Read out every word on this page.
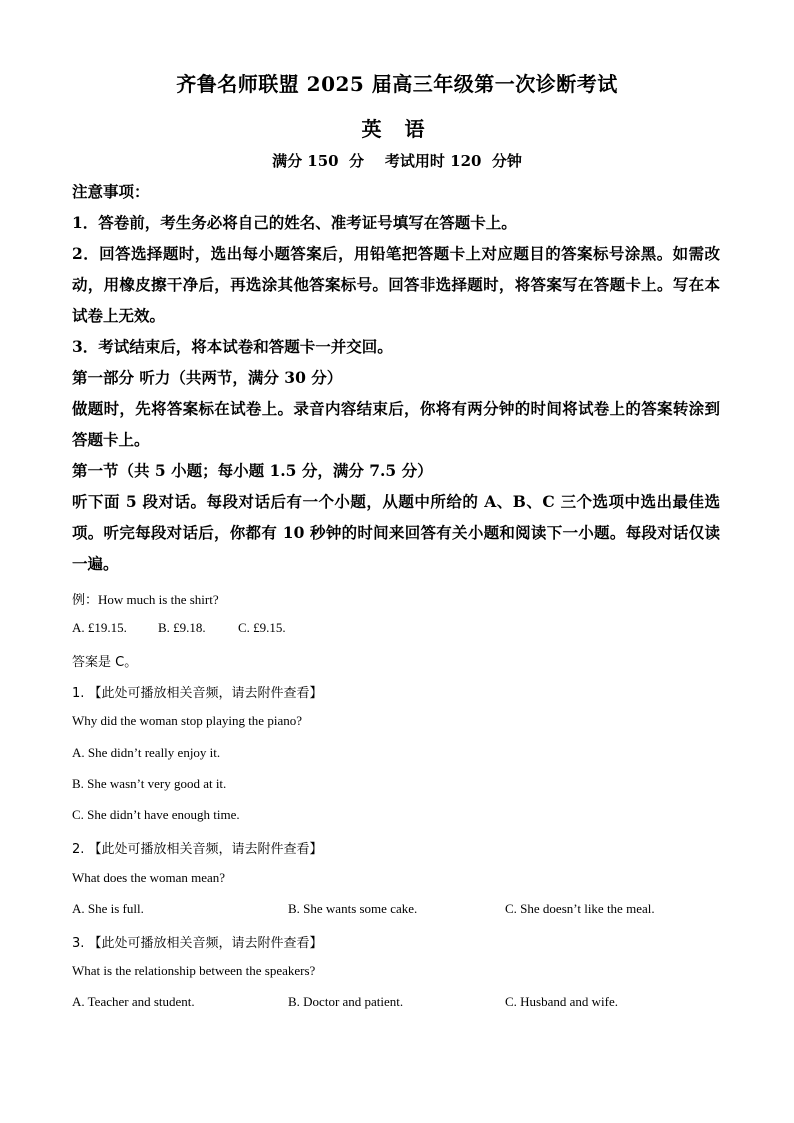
齐鲁名师联盟 2025 届高三年级第一次诊断考试
英 语
满分 150  分    考试用时 120  分钟
注意事项：
1．答卷前，考生务必将自己的姓名、准考证号填写在答题卡上。
2．回答选择题时，选出每小题答案后，用铅笔把答题卡上对应题目的答案标号涂黑。如需改动，用橡皮擦干净后，再选涂其他答案标号。回答非选择题时，将答案写在答题卡上。写在本试卷上无效。
3．考试结束后，将本试卷和答题卡一并交回。
第一部分 听力（共两节，满分 30 分）
做题时，先将答案标在试卷上。录音内容结束后，你将有两分钟的时间将试卷上的答案转涂到答题卡上。
第一节（共 5 小题；每小题 1.5 分，满分 7.5 分）
听下面 5 段对话。每段对话后有一个小题，从题中所给的 A、B、C 三个选项中选出最佳选项。听完每段对话后，你都有 10 秒钟的时间来回答有关小题和阅读下一小题。每段对话仅读一遍。
例：How much is the shirt?
A. £19.15. B. £9.18. C. £9.15.
答案是 C。
1. 【此处可播放相关音频，请去附件查看】
Why did the woman stop playing the piano?
A. She didn’t really enjoy it.
B. She wasn’t very good at it.
C. She didn’t have enough time.
2. 【此处可播放相关音频，请去附件查看】
What does the woman mean?
A. She is full.	B. She wants some cake.	C. She doesn’t like the meal.
3. 【此处可播放相关音频，请去附件查看】
What is the relationship between the speakers?
A. Teacher and student.	B. Doctor and patient.	C. Husband and wife.
